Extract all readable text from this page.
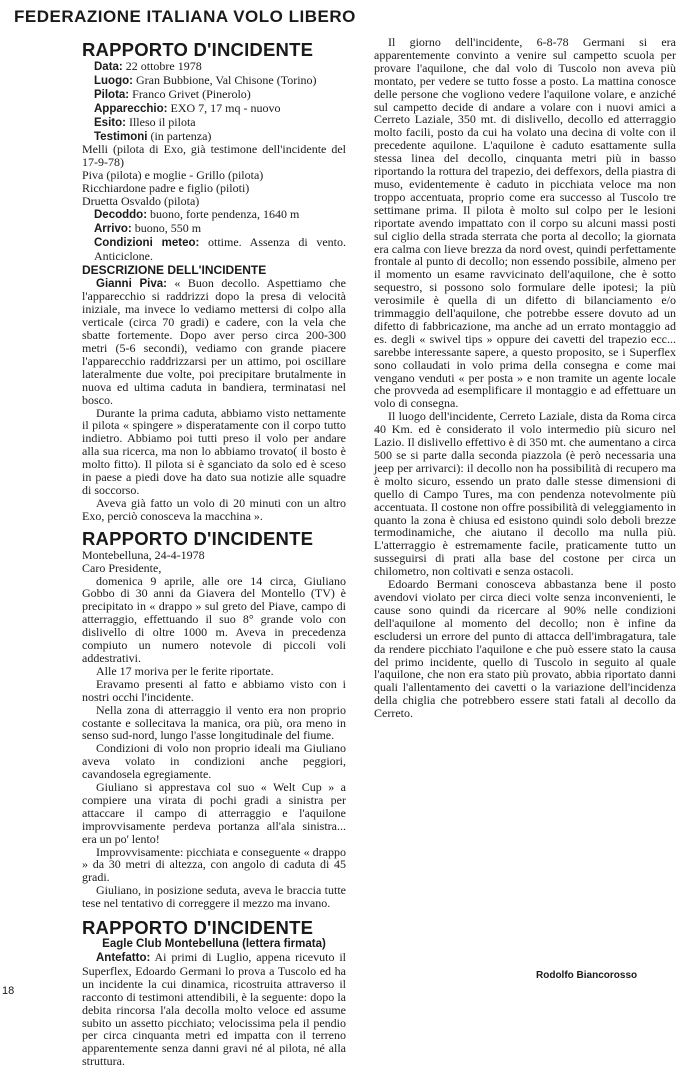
FEDERAZIONE ITALIANA VOLO LIBERO
RAPPORTO D'INCIDENTE
Data: 22 ottobre 1978
Luogo: Gran Bubbione, Val Chisone (Torino)
Pilota: Franco Grivet (Pinerolo)
Apparecchio: EXO 7, 17 mq - nuovo
Esito: Illeso il pilota
Testimoni (in partenza)
Melli (pilota di Exo, già testimone dell'incidente del 17-9-78)
Piva (pilota) e moglie - Grillo (pilota)
Ricchiardone padre e figlio (piloti)
Druetta Osvaldo (pilota)
Decoddo: buono, forte pendenza, 1640 m
Arrivo: buono, 550 m
Condizioni meteo: ottime. Assenza di vento. Anticiclone.
DESCRIZIONE DELL'INCIDENTE

Gianni Piva: « Buon decollo. Aspettiamo che l'apparecchio si raddrizzi dopo la presa di velocità iniziale, ma invece lo vediamo mettersi di colpo alla verticale (circa 70 gradi) e cadere, con la vela che sbatte fortemente. Dopo aver perso circa 200-300 metri (5-6 secondi), vediamo con grande piacere l'apparecchio raddrizzarsi per un attimo, poi oscillare lateralmente due volte, poi precipitare brutalmente in nuova ed ultima caduta in bandiera, terminatasi nel bosco.

Durante la prima caduta, abbiamo visto nettamente il pilota « spingere » disperatamente con il corpo tutto indietro. Abbiamo poi tutti preso il volo per andare alla sua ricerca, ma non lo abbiamo trovato( il bosto è molto fitto). Il pilota si è sganciato da solo ed è sceso in paese a piedi dove ha dato sua notizie alle squadre di soccorso.

Aveva già fatto un volo di 20 minuti con un altro Exo, perciò conosceva la macchina ».

RAPPORTO D'INCIDENTE
Montebelluna, 24-4-1978
Caro Presidente,

domenica 9 aprile, alle ore 14 circa, Giuliano Gobbo di 30 anni da Giavera del Montello (TV) è precipitato in « drappo » sul greto del Piave, campo di atterraggio, effettuando il suo 8° grande volo con dislivello di oltre 1000 m. Aveva in precedenza compiuto un numero notevole di piccoli voli addestrativi.

Alle 17 moriva per le ferite riportate.

Eravamo presenti al fatto e abbiamo visto con i nostri occhi l'incidente.

Nella zona di atterraggio il vento era non proprio costante e sollecitava la manica, ora più, ora meno in senso sud-nord, lungo l'asse longitudinale del fiume.

Condizioni di volo non proprio ideali ma Giuliano aveva volato in condizioni anche peggiori, cavandosela egregiamente.

Giuliano si apprestava col suo « Welt Cup » a compiere una virata di pochi gradi a sinistra per attaccare il campo di atterraggio e l'aquilone improvvisamente perdeva portanza all'ala sinistra... era un po' lento!

Improvvisamente: picchiata e conseguente « drappo » da 30 metri di altezza, con angolo di caduta di 45 gradi.

Giuliano, in posizione seduta, aveva le braccia tutte tese nel tentativo di correggere il mezzo ma invano.

RAPPORTO D'INCIDENTE
Eagle Club Montebelluna (lettera firmata)

Antefatto: Ai primi di Luglio, appena ricevuto il Superflex, Edoardo Germani lo prova a Tuscolo ed ha un incidente la cui dinamica, ricostruita attraverso il racconto di testimoni attendibili, è la seguente: dopo la debita rincorsa l'ala decolla molto veloce ed assume subito un assetto picchiato; velocissima pela il pendio per circa cinquanta metri ed impatta con il terreno apparentemente senza danni gravi né al pilota, né alla struttura.

Il giorno dell'incidente, 6-8-78 Germani si era apparentemente convinto a venire sul campetto scuola per provare l'aquilone, che dal volo di Tuscolo non aveva più montato, per vedere se tutto fosse a posto. La mattina conosce delle persone che vogliono vedere l'aquilone volare, e anziché sul campetto decide di andare a volare con i nuovi amici a Cerreto Laziale, 350 mt. di dislivello, decollo ed atterraggio molto facili, posto da cui ha volato una decina di volte con il precedente aquilone. L'aquilone è caduto esattamente sulla stessa linea del decollo, cinquanta metri più in basso riportando la rottura del trapezio, dei deffexors, della piastra di muso, evidentemente è caduto in picchiata veloce ma non troppo accentuata, proprio come era successo al Tuscolo tre settimane prima. Il pilota è molto sul colpo per le lesioni riportate avendo impattato con il corpo su alcuni massi posti sul ciglio della strada sterrata che porta al decollo; la giornata era calma con lieve brezza da nord ovest, quindi perfettamente frontale al punto di decollo; non essendo possibile, almeno per il momento un esame ravvicinato dell'aquilone, che è sotto sequestro, si possono solo formulare delle ipotesi; la più verosimile è quella di un difetto di bilanciamento e/o trimmaggio dell'aquilone, che potrebbe essere dovuto ad un difetto di fabbricazione, ma anche ad un errato montaggio ad es. degli « swivel tips » oppure dei cavetti del trapezio ecc... sarebbe interessante sapere, a questo proposito, se i Superflex sono collaudati in volo prima della consegna e come mai vengano venduti « per posta » e non tramite un agente locale che provveda ad esemplificare il montaggio e ad effettuare un volo di consegna.

Il luogo dell'incidente, Cerreto Laziale, dista da Roma circa 40 Km. ed è considerato il volo intermedio più sicuro nel Lazio. Il dislivello effettivo è di 350 mt. che aumentano a circa 500 se si parte dalla seconda piazzola (è però necessaria una jeep per arrivarci): il decollo non ha possibilità di recupero ma è molto sicuro, essendo un prato dalle stesse dimensioni di quello di Campo Tures, ma con pendenza notevolmente più accentuata. Il costone non offre possibilità di veleggiamento in quanto la zona è chiusa ed esistono quindi solo deboli brezze termodinamiche, che aiutano il decollo ma nulla più. L'atterraggio è estremamente facile, praticamente tutto un susseguirsi di prati alla base del costone per circa un chilometro, non coltivati e senza ostacoli.

Edoardo Bermani conosceva abbastanza bene il posto avendovi violato per circa dieci volte senza inconvenienti, le cause sono quindi da ricercare al 90% nelle condizioni dell'aquilone al momento del decollo; non è infine da escludersi un errore del punto di attacca dell'imbragatura, tale da rendere picchiato l'aquilone e che può essere stato la causa del primo incidente, quello di Tuscolo in seguito al quale l'aquilone, che non era stato più provato, abbia riportato danni quali l'allentamento dei cavetti o la variazione dell'incidenza della chiglia che potrebbero essere stati fatali al decollo da Cerreto.

Rodolfo Biancorosso
18
